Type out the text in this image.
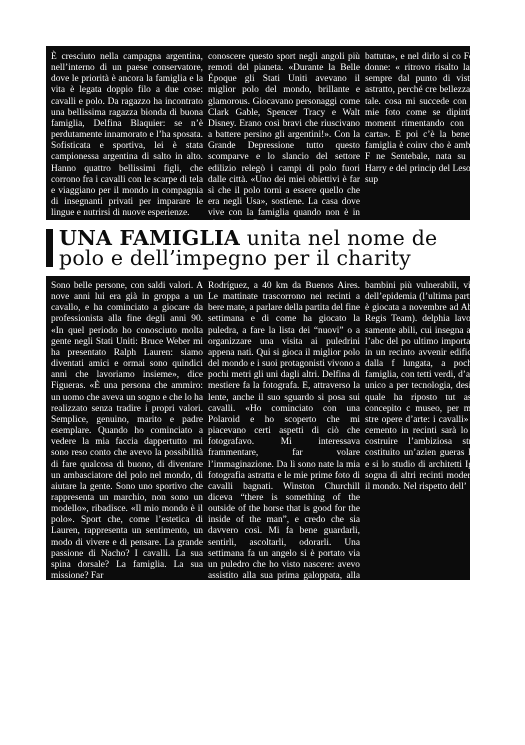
È cresciuto nella campagna argentina, nell’interno di un paese conservatore, dove le priorità è ancora la famiglia e la vita è legata doppio filo a due cose: cavalli e polo. Da ragazzo ha incontrato una bellissima ragazza bionda di buona famiglia, Delfina Blaquier: se n’è perdutamente innamorato e l’ha sposata. Sofisticata e sportiva, lei è stata campionessa argentina di salto in alto. Hanno quattro bellissimi figli, che corrono fra i cavalli con le scarpe di tela e viaggiano per il mondo in compagnia di insegnanti privati per imparare le lingue e nutrirsi di nuove esperienze.

conoscere questo sport negli angoli più remoti del pianeta. «Durante la Belle Époque gli Stati Uniti avevano il miglior polo del mondo, brillante e glamorous. Giocavano personaggi come Clark Gable, Spencer Tracy e Walt Disney. Erano così bravi che riuscivano a battere persino gli argentini!». Con la Grande Depressione tutto questo scomparve e lo slancio del settore edilizio relegò i campi di polo fuori dalle città. «Uno dei miei obiettivi è far sì che il polo torni a essere quello che era negli Usa», sostiene. La casa dove vive con la famiglia quando non è in viaggio è a Gral

battuta», e nel dirlo si co Fotografa anche donne: « ritrovo risalto la loro bellezza sempre dal punto di vista c in modo astratto, perché cre bellezza sia veramente tale. cosa mi succede con l’arc Tratto le mie foto come se dipinti e in questo moment rimentando con le fibre e va carta». E poi c’è la benefi cui tutta la famiglia è coinv cho è ambasciatore della F ne Sentebale, nata su inizi principe Harry e del princip del Lesotho per fornire sup

UNA FAMIGLIA unita nel nome de
polo e dell’impegno per il charity

Sono belle persone, con saldi valori. A nove anni lui era già in groppa a un cavallo, e ha cominciato a giocare da professionista alla fine degli anni 90. «In quel periodo ho conosciuto molta gente negli Stati Uniti: Bruce Weber mi ha presentato Ralph Lauren: siamo diventati amici e ormai sono quindici anni che lavoriamo insieme», dice Figueras. «È una persona che ammiro: un uomo che aveva un sogno e che lo ha realizzato senza tradire i propri valori. Semplice, genuino, marito e padre esemplare. Quando ho cominciato a vedere la mia faccia dappertutto mi sono reso conto che avevo la possibilità di fare qualcosa di buono, di diventare un ambasciatore del polo nel mondo, di aiutare la gente. Sono uno sportivo che rappresenta un marchio, non sono un modello», ribadisce. «Il mio mondo è il polo». Sport che, come l’estetica di Lauren, rappresenta un sentimento, un modo di vivere e di pensare. La grande passione di Nacho? I cavalli. La sua spina dorsale? La famiglia. La sua missione? Far

Rodríguez, a 40 km da Buenos Aires. Le mattinate trascorrono nei recinti a bere mate, a parlare della partita del fine settimana e di come ha giocato la puledra, a fare la lista dei “nuovi” o a organizzare una visita ai puledrini appena nati. Qui si gioca il miglior polo del mondo e i suoi protagonisti vivono a pochi metri gli uni dagli altri. Delfina di mestiere fa la fotografa. E, attraverso la lente, anche il suo sguardo si posa sui cavalli. «Ho cominciato con una Polaroid e ho scoperto che mi piacevano certi aspetti di ciò che fotografavo. Mi interessava frammentare, far volare l’immaginazione. Da lì sono nate la mia fotografia astratta e le mie prime foto di cavalli bagnati. Winston Churchill diceva “there is something of the outside of the horse that is good for the inside of the man”, e credo che sia davvero così. Mi fa bene guardarli, sentirli, ascoltarli, odorarli. Una settimana fa un angelo si è portato via un puledro che ho visto nascere: avevo assistito alla sua prima galoppata, alla prima

bambini più vulnerabili, vit la povertà e dell’epidemia (l’ultima partita per la Fond è giocata a novembre ad Abu contro il St. Regis Team). delphia lavora con bambi samente abili, cui insegna a re a cavallo e l’abc del po ultimo importante progett ste in un recinto avvenir edificio in cemento dalla f lungata, a pochi metri dall famiglia, con tetti verdi, d’acqua e 44 box, unico a per tecnologia, design e din e nel quale ha riposto tut aspettative. «E concepito c museo, per mettere in risal stre opere d’arte: i cavalli» Un edificio in cemento in recinti sarà lo studio di Del costruire l’ambiziosa strutt cho ha costituito un’azien gueras Design Group, e si lo studio di architetti Ignacio Ramos: sogna di altri recinti moderni e innova to il mondo. Nel rispetto dell’
